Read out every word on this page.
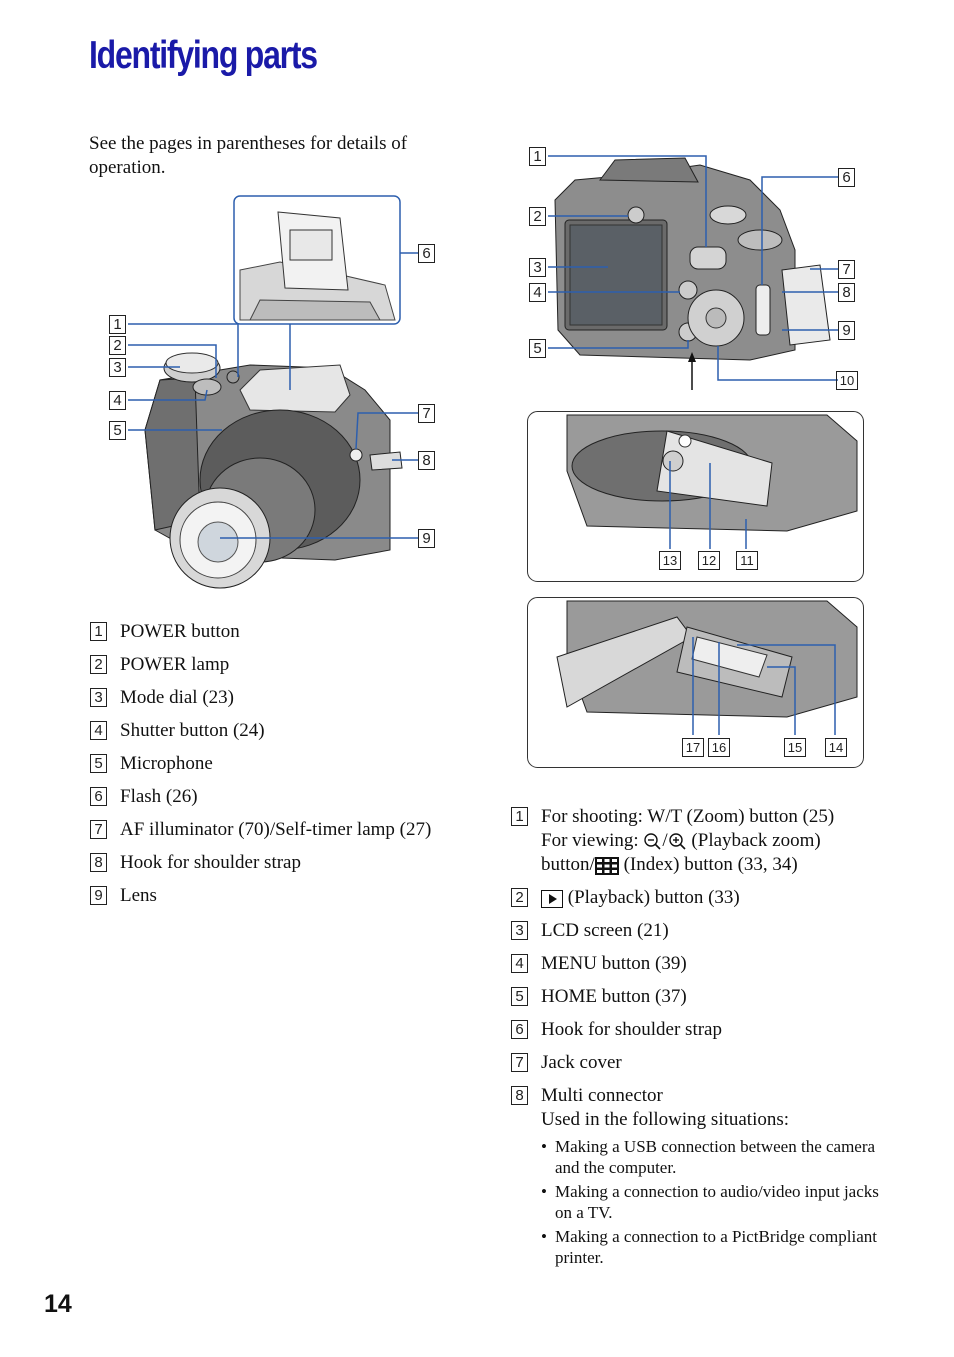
Identifying parts
See the pages in parentheses for details of operation.
1
2
3
4
5
6
7
8
9
1
2
3
4
5
6
7
8
9
10
13 12	11
17 16	15 14
1 POWER button
2 POWER lamp
3 Mode dial (23)
4 Shutter button (24)
5 Microphone
6 Flash (26)
7 AF illuminator (70)/Self-timer lamp (27)
8 Hook for shoulder strap
9 Lens
1 For shooting: W/T (Zoom) button (25)
For viewing: / (Playback zoom)
button/ (Index) button (33, 34)
2 (Playback) button (33)
3 LCD screen (21)
4 MENU button (39)
5 HOME button (37)
6 Hook for shoulder strap
7 Jack cover
8 Multi connector
Used in the following situations:
• Making a USB connection between the camera and the computer.
• Making a connection to audio/video input jacks on a TV.
• Making a connection to a PictBridge compliant printer.
14
